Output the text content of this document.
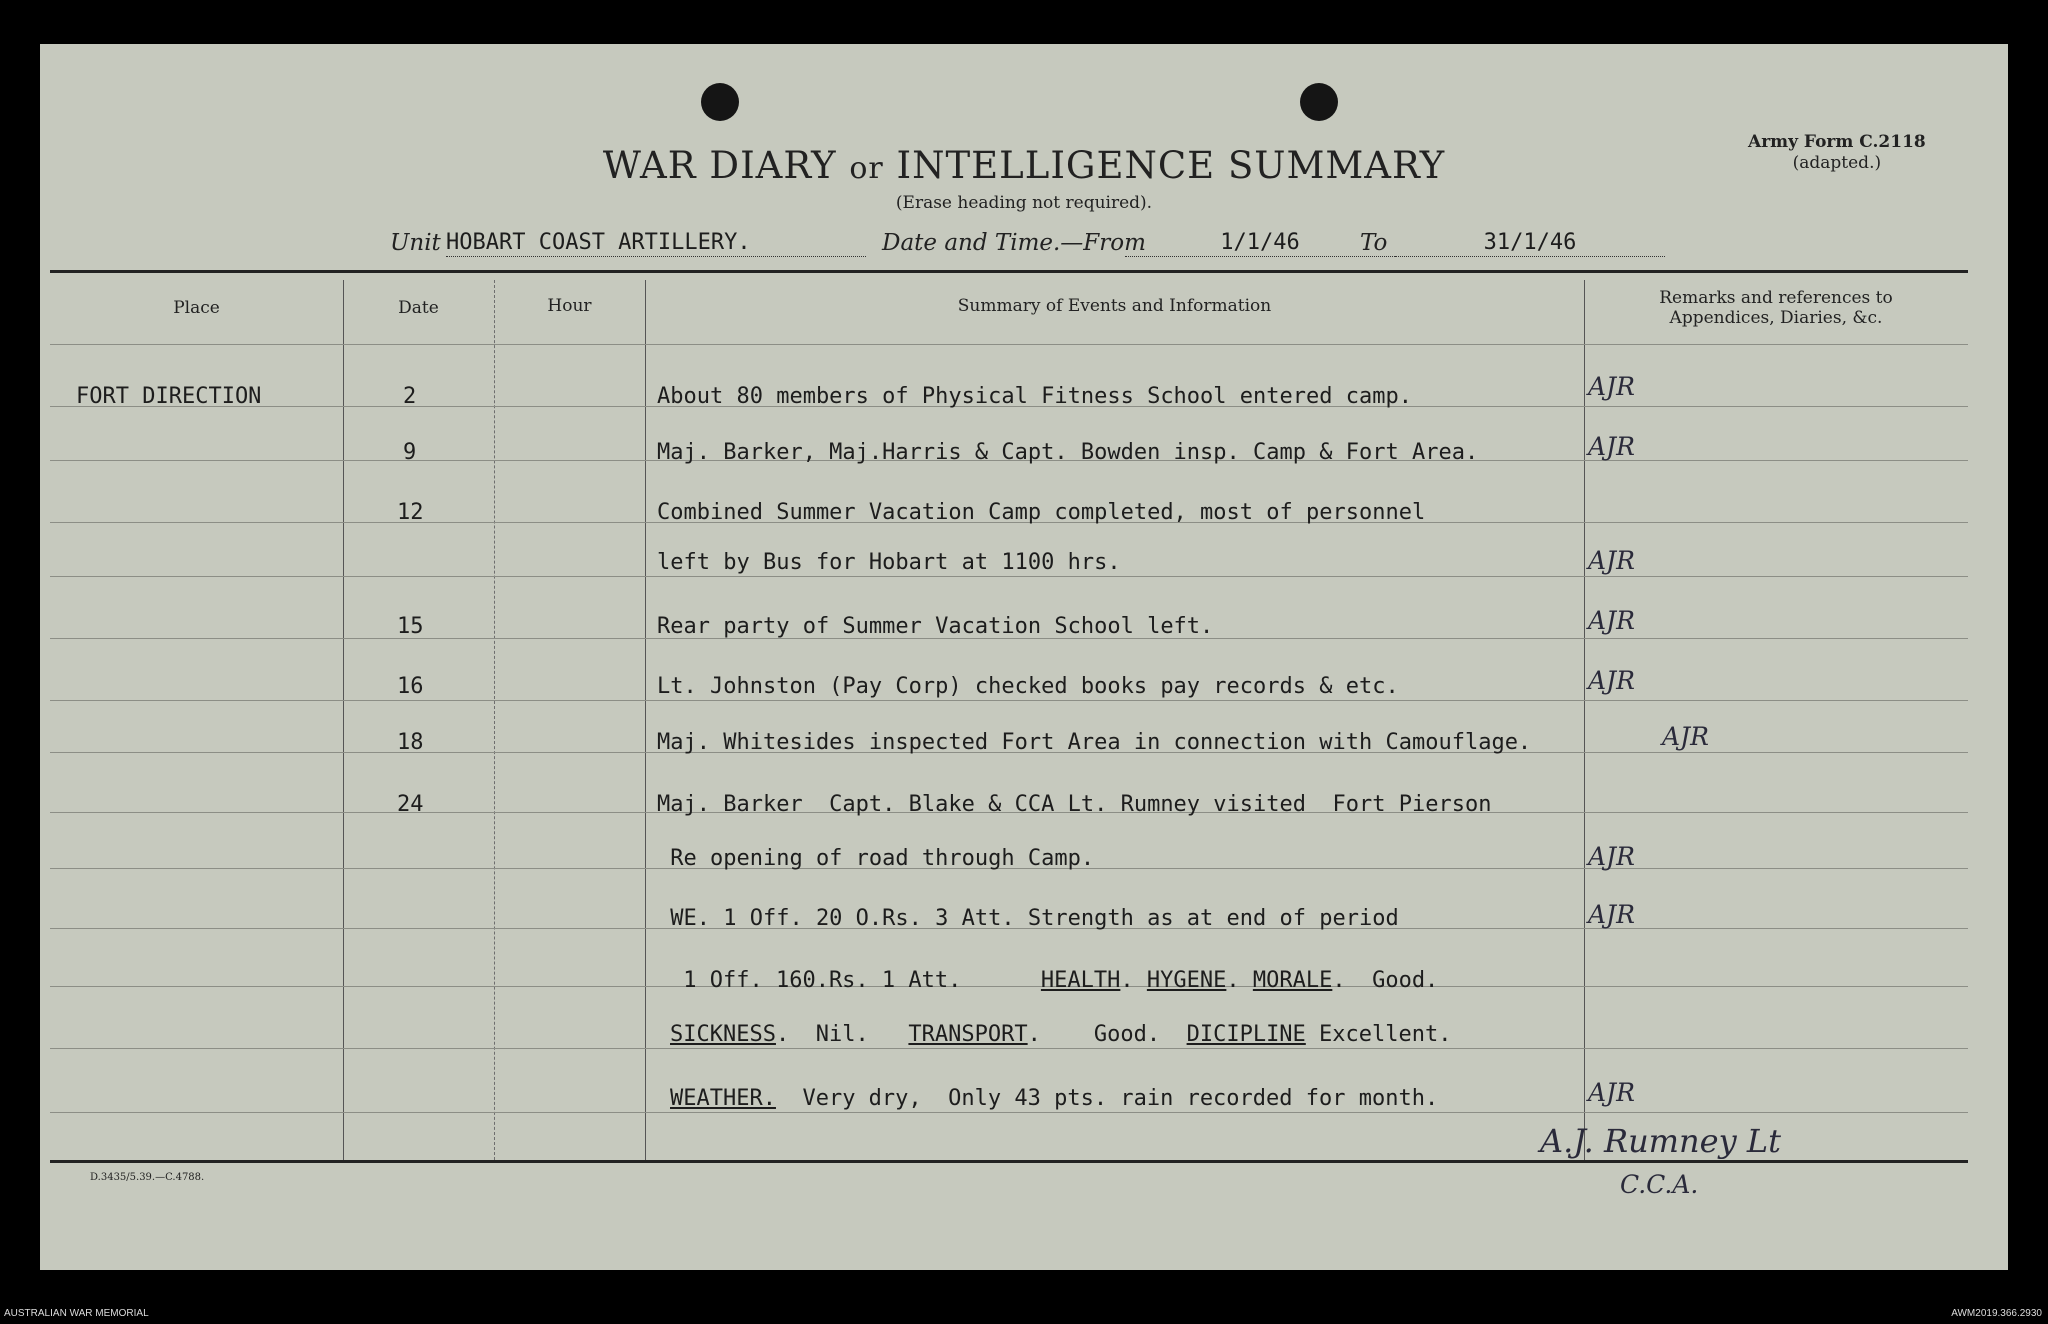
WAR DIARY or INTELLIGENCE SUMMARY
(Erase heading not required).
Army Form C.2118
(adapted.)
Unit HOBART COAST ARTILLERY.	Date and Time.—From	1/1/46	To	31/1/46
Place	Date	Hour	Summary of Events and Information	Remarks and references to
Appendices, Diaries, &c.
FORT DIRECTION	2	About 80 members of Physical Fitness School entered camp.	AJR
9	Maj. Barker, Maj.Harris & Capt. Bowden insp. Camp & Fort Area.	AJR
12	Combined Summer Vacation Camp completed, most of personnel
left by Bus for Hobart at 1100 hrs.	AJR
15	Rear party of Summer Vacation School left.	AJR
16	Lt. Johnston (Pay Corp) checked books pay records & etc.	AJR
18	Maj. Whitesides inspected Fort Area in connection with Camouflage.	AJR
24	Maj. Barker  Capt. Blake & CCA Lt. Rumney visited  Fort Pierson
Re opening of road through Camp.	AJR
WE. 1 Off. 20 O.Rs. 3 Att. Strength as at end of period	AJR
1 Off. 160.Rs. 1 Att.	HEALTH. HYGENE. MORALE.  Good.
SICKNESS.  Nil.   TRANSPORT.    Good.  DICIPLINE Excellent.
WEATHER.  Very dry,  Only 43 pts. rain recorded for month.	AJR
A.J. Rumney Lt
C.C.A.
D.3435/5.39.—C.4788.
AUSTRALIAN WAR MEMORIAL	AWM2019.366.2930
